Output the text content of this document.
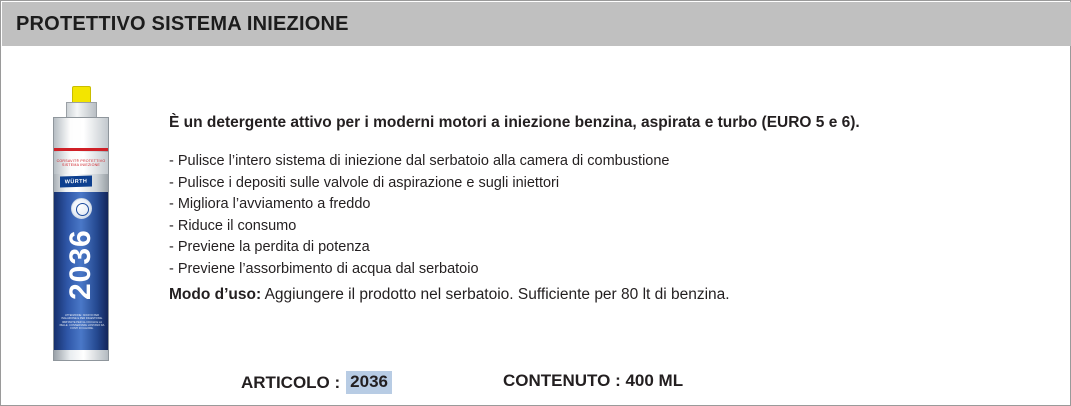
PROTETTIVO SISTEMA INIEZIONE
CORSAVIT® PROTETTIVO SISTEMA INIEZIONE
WÜRTH
2036
ATTENZIONE: NOCIVO PER INALAZIONE E PER INGESTIONE. IRRITANTE PER GLI OCCHI E LA PELLE. CONSERVARE LONTANO DA FONTI DI CALORE.
È un detergente attivo per i moderni motori a iniezione benzina, aspirata e turbo (EURO 5 e 6).
- Pulisce l’intero sistema di iniezione dal serbatoio alla camera di combustione
- Pulisce i depositi sulle valvole di aspirazione e sugli iniettori
- Migliora l’avviamento a freddo
- Riduce il consumo
- Previene la perdita di potenza
- Previene l’assorbimento di acqua dal serbatoio
Modo d’uso: Aggiungere il prodotto nel serbatoio. Sufficiente per 80 lt di benzina.
ARTICOLO : 2036	CONTENUTO : 400 ML
